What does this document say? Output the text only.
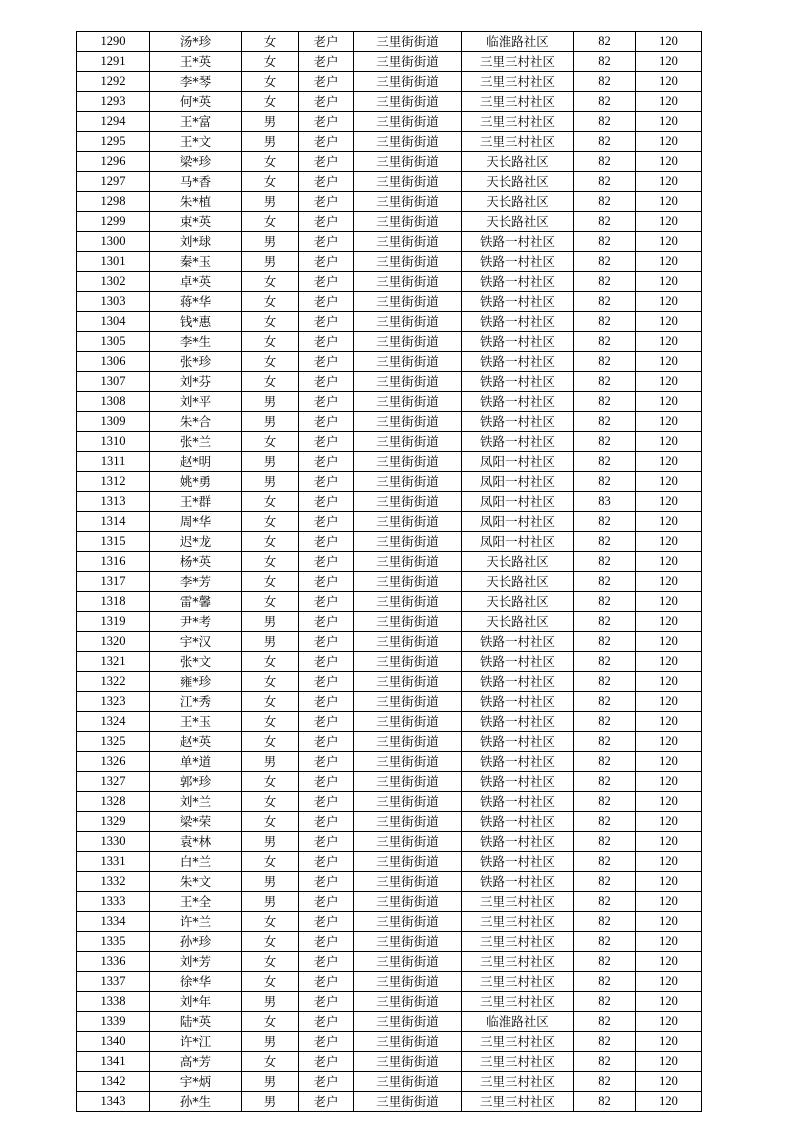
1290	汤*珍	女	老户	三里街街道	临淮路社区	82	120
1291	王*英	女	老户	三里街街道	三里三村社区	82	120
1292	李*琴	女	老户	三里街街道	三里三村社区	82	120
1293	何*英	女	老户	三里街街道	三里三村社区	82	120
1294	王*富	男	老户	三里街街道	三里三村社区	82	120
1295	王*文	男	老户	三里街街道	三里三村社区	82	120
1296	梁*珍	女	老户	三里街街道	天长路社区	82	120
1297	马*香	女	老户	三里街街道	天长路社区	82	120
1298	朱*植	男	老户	三里街街道	天长路社区	82	120
1299	束*英	女	老户	三里街街道	天长路社区	82	120
1300	刘*球	男	老户	三里街街道	铁路一村社区	82	120
1301	秦*玉	男	老户	三里街街道	铁路一村社区	82	120
1302	卓*英	女	老户	三里街街道	铁路一村社区	82	120
1303	蒋*华	女	老户	三里街街道	铁路一村社区	82	120
1304	钱*惠	女	老户	三里街街道	铁路一村社区	82	120
1305	李*生	女	老户	三里街街道	铁路一村社区	82	120
1306	张*珍	女	老户	三里街街道	铁路一村社区	82	120
1307	刘*芬	女	老户	三里街街道	铁路一村社区	82	120
1308	刘*平	男	老户	三里街街道	铁路一村社区	82	120
1309	朱*合	男	老户	三里街街道	铁路一村社区	82	120
1310	张*兰	女	老户	三里街街道	铁路一村社区	82	120
1311	赵*明	男	老户	三里街街道	凤阳一村社区	82	120
1312	姚*勇	男	老户	三里街街道	凤阳一村社区	82	120
1313	王*群	女	老户	三里街街道	凤阳一村社区	83	120
1314	周*华	女	老户	三里街街道	凤阳一村社区	82	120
1315	迟*龙	女	老户	三里街街道	凤阳一村社区	82	120
1316	杨*英	女	老户	三里街街道	天长路社区	82	120
1317	李*芳	女	老户	三里街街道	天长路社区	82	120
1318	雷*馨	女	老户	三里街街道	天长路社区	82	120
1319	尹*考	男	老户	三里街街道	天长路社区	82	120
1320	宇*汉	男	老户	三里街街道	铁路一村社区	82	120
1321	张*文	女	老户	三里街街道	铁路一村社区	82	120
1322	雍*珍	女	老户	三里街街道	铁路一村社区	82	120
1323	江*秀	女	老户	三里街街道	铁路一村社区	82	120
1324	王*玉	女	老户	三里街街道	铁路一村社区	82	120
1325	赵*英	女	老户	三里街街道	铁路一村社区	82	120
1326	单*道	男	老户	三里街街道	铁路一村社区	82	120
1327	郭*珍	女	老户	三里街街道	铁路一村社区	82	120
1328	刘*兰	女	老户	三里街街道	铁路一村社区	82	120
1329	梁*荣	女	老户	三里街街道	铁路一村社区	82	120
1330	袁*林	男	老户	三里街街道	铁路一村社区	82	120
1331	白*兰	女	老户	三里街街道	铁路一村社区	82	120
1332	朱*文	男	老户	三里街街道	铁路一村社区	82	120
1333	王*全	男	老户	三里街街道	三里三村社区	82	120
1334	许*兰	女	老户	三里街街道	三里三村社区	82	120
1335	孙*珍	女	老户	三里街街道	三里三村社区	82	120
1336	刘*芳	女	老户	三里街街道	三里三村社区	82	120
1337	徐*华	女	老户	三里街街道	三里三村社区	82	120
1338	刘*年	男	老户	三里街街道	三里三村社区	82	120
1339	陆*英	女	老户	三里街街道	临淮路社区	82	120
1340	许*江	男	老户	三里街街道	三里三村社区	82	120
1341	高*芳	女	老户	三里街街道	三里三村社区	82	120
1342	宇*炳	男	老户	三里街街道	三里三村社区	82	120
1343	孙*生	男	老户	三里街街道	三里三村社区	82	120
